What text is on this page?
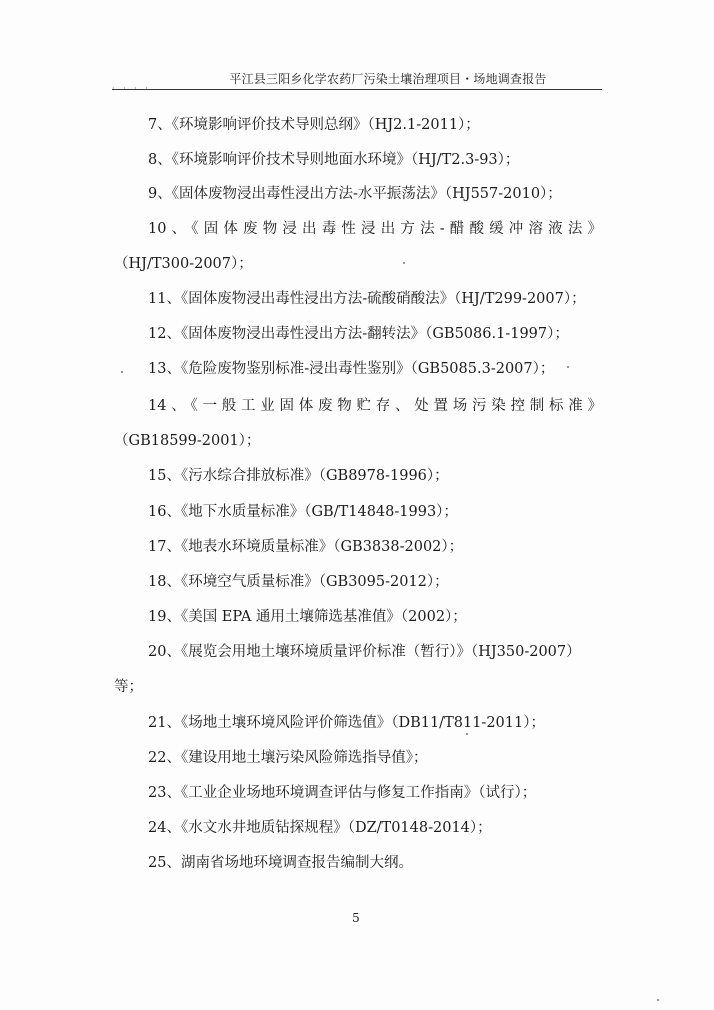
· · · ·
平江县三阳乡化学农药厂污染土壤治理项目・场地调查报告
7、《环境影响评价技术导则总纲》（HJ2.1-2011）；
8、《环境影响评价技术导则地面水环境》（HJ/T2.3-93）；
9、《固体废物浸出毒性浸出方法-水平振荡法》（HJ557-2010）；
10、《固体废物浸出毒性浸出方法-醋酸缓冲溶液法》
（HJ/T300-2007）；
11、《固体废物浸出毒性浸出方法-硫酸硝酸法》（HJ/T299-2007）；
12、《固体废物浸出毒性浸出方法-翻转法》（GB5086.1-1997）；
13、《危险废物鉴别标准-浸出毒性鉴别》（GB5085.3-2007）；
14、《一般工业固体废物贮存、处置场污染控制标准》
（GB18599-2001）；
15、《污水综合排放标准》（GB8978-1996）；
16、《地下水质量标准》（GB/T14848-1993）；
17、《地表水环境质量标准》（GB3838-2002）；
18、《环境空气质量标准》（GB3095-2012）；
19、《美国 EPA 通用土壤筛选基准值》（2002）；
20、《展览会用地土壤环境质量评价标准（暂行）》（HJ350-2007）
等；
21、《场地土壤环境风险评价筛选值》（DB11/T811-2011）；
22、《建设用地土壤污染风险筛选指导值》；
23、《工业企业场地环境调查评估与修复工作指南》（试行）；
24、《水文水井地质钻探规程》（DZ/T0148-2014）；
25、湖南省场地环境调查报告编制大纲。
5
